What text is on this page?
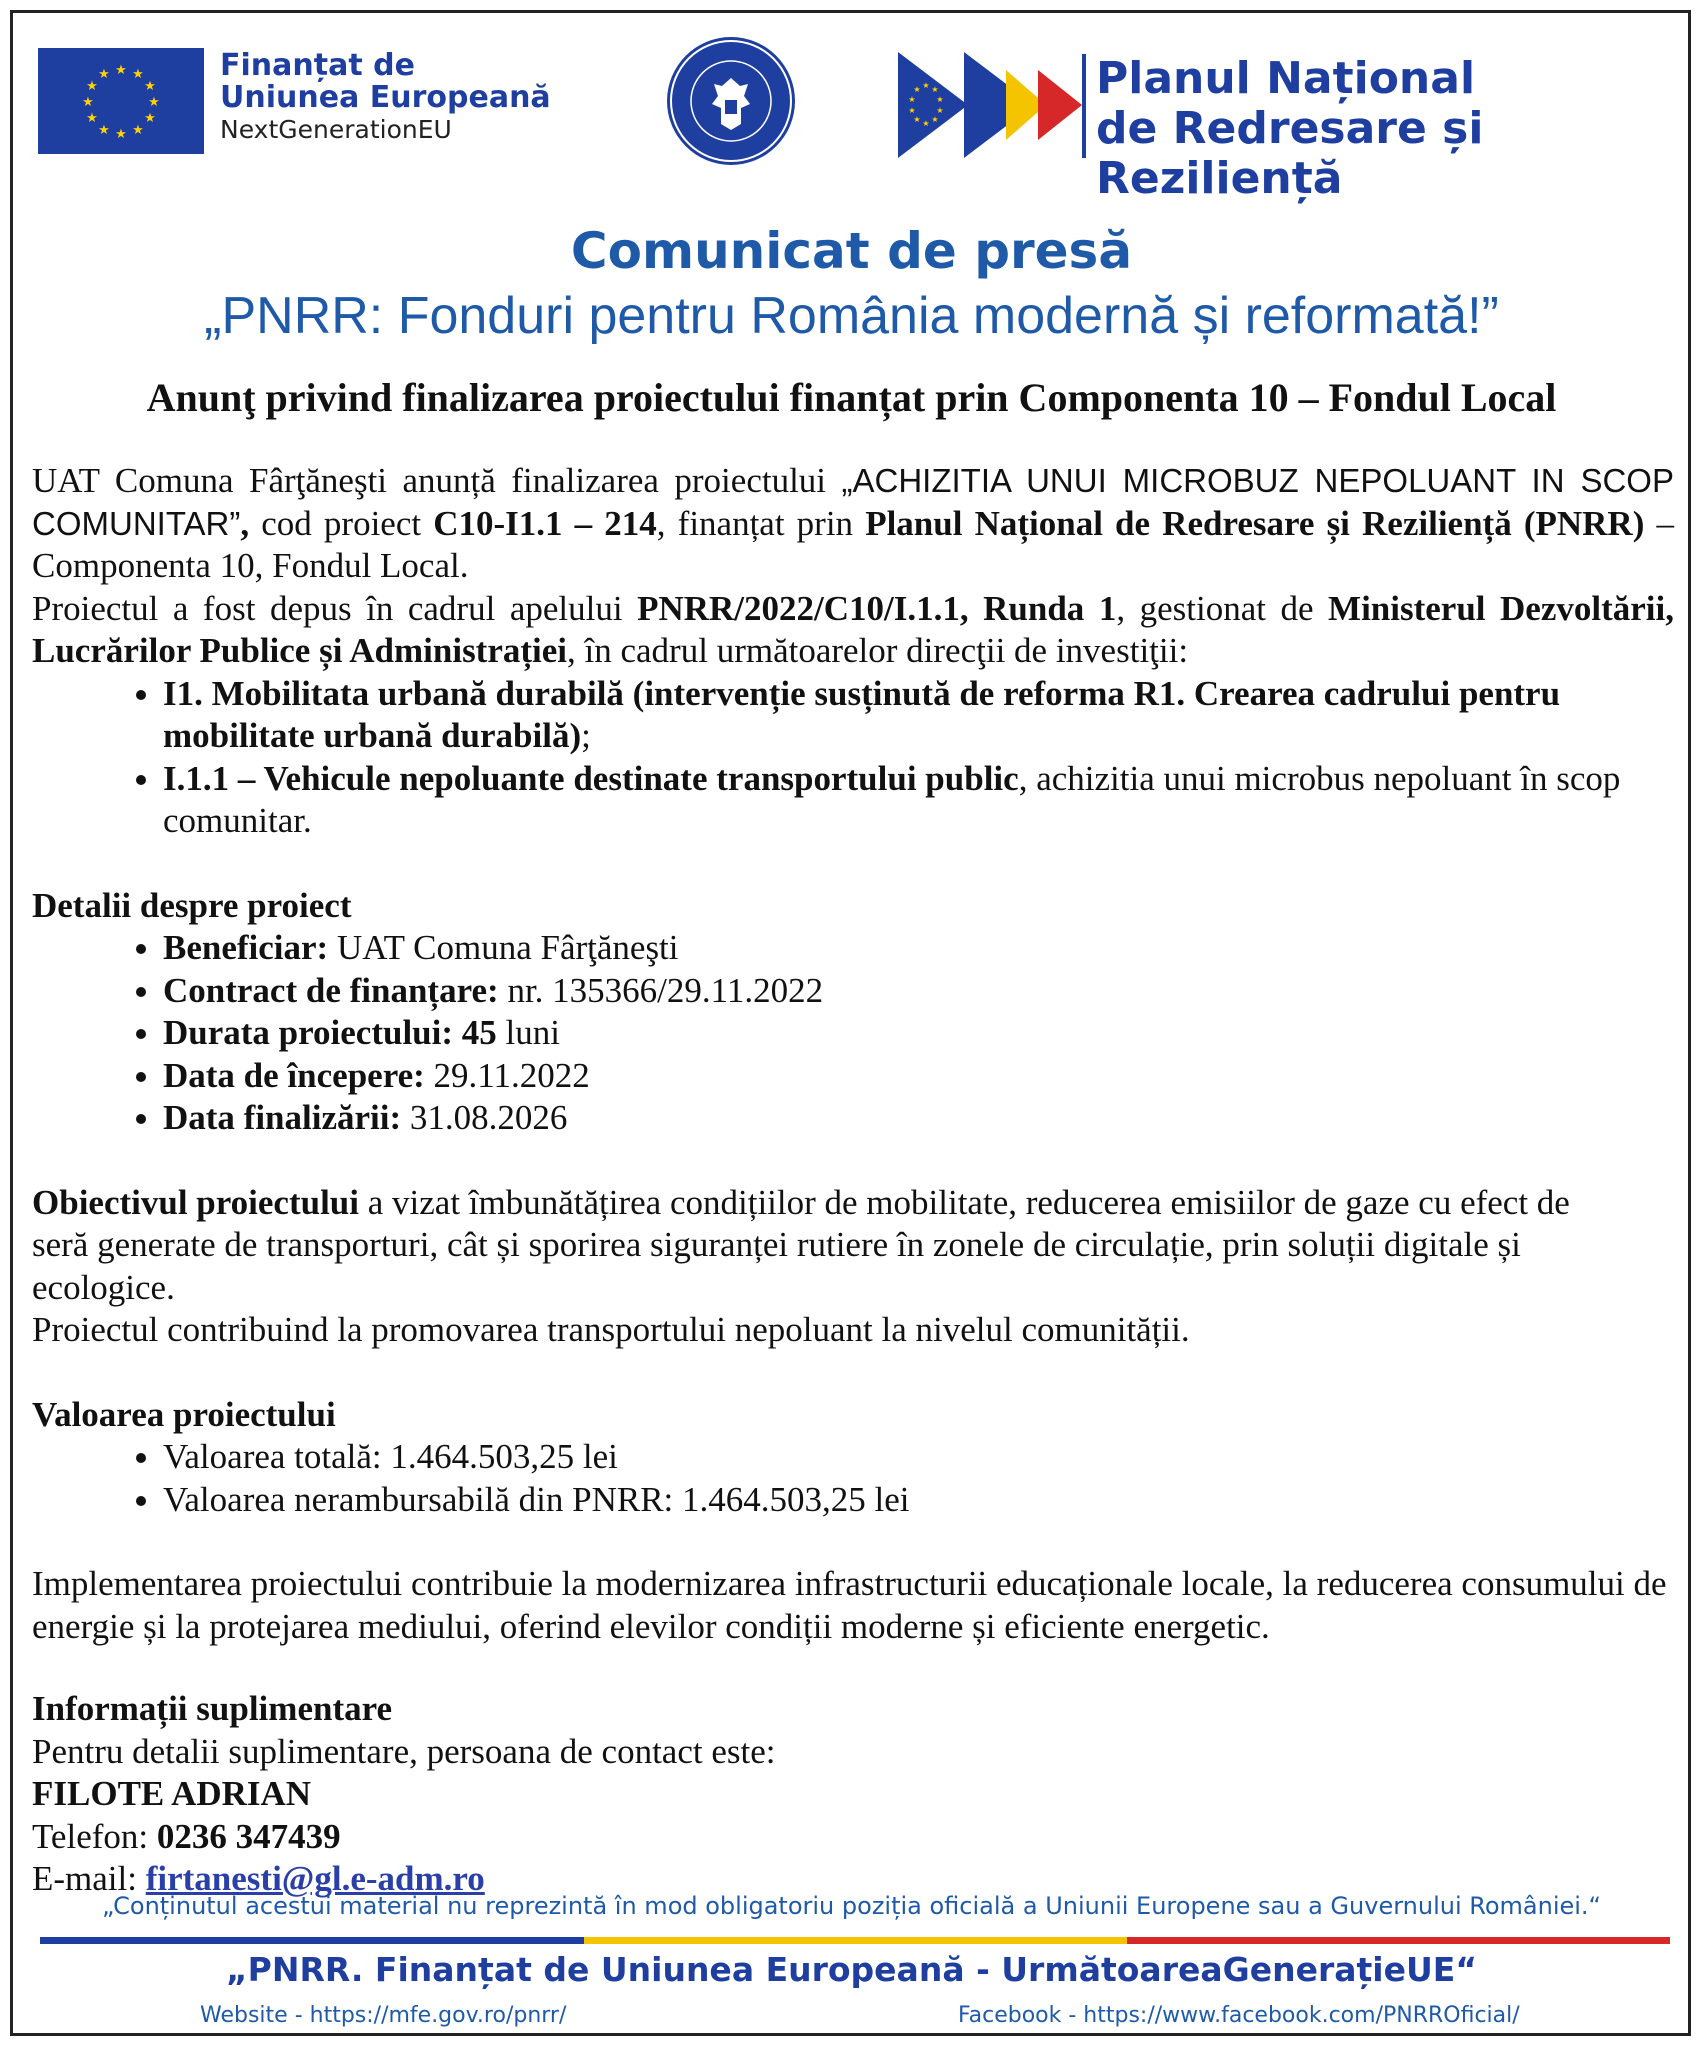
★ ★
★
★
★
★
★
★
★
★
★
★	Finanțat de
Uniunea Europeană
NextGenerationEU
★ ★
★
★
★
★
★
★
★
★	Planul Național
de Redresare și Reziliență
Comunicat de presă
„PNRR: Fonduri pentru România modernă și reformată!”
Anunţ privind finalizarea proiectului finanțat prin Componenta 10 – Fondul Local

UAT Comuna Fârţăneşti anunță finalizarea proiectului „ACHIZITIA UNUI MICROBUZ NEPOLUANT IN SCOP COMUNITAR”, cod proiect C10-I1.1 – 214, finanțat prin Planul Național de Redresare și Reziliență (PNRR) – Componenta 10, Fondul Local.

Proiectul a fost depus în cadrul apelului PNRR/2022/C10/I.1.1, Runda 1, gestionat de Ministerul Dezvoltării, Lucrărilor Publice și Administrației, în cadrul următoarelor direcţii de investiţii:

• I1. Mobilitata urbană durabilă (intervenție susținută de reforma R1. Crearea cadrului pentru mobilitate urbană durabilă);
• I.1.1 – Vehicule nepoluante destinate transportului public, achizitia unui microbus nepoluant în scop comunitar.

Detalii despre proiect

• Beneficiar: UAT Comuna Fârţăneşti
• Contract de finanțare: nr. 135366/29.11.2022
• Durata proiectului: 45 luni
• Data de începere: 29.11.2022
• Data finalizării: 31.08.2026

Obiectivul proiectului a vizat îmbunătățirea condițiilor de mobilitate, reducerea emisiilor de gaze cu efect de seră generate de transporturi, cât și sporirea siguranței rutiere în zonele de circulație, prin soluții digitale și ecologice.

Proiectul contribuind la promovarea transportului nepoluant la nivelul comunității.

Valoarea proiectului

• Valoarea totală: 1.464.503,25 lei
• Valoarea nerambursabilă din PNRR: 1.464.503,25 lei

Implementarea proiectului contribuie la modernizarea infrastructurii educaționale locale, la reducerea consumului de energie și la protejarea mediului, oferind elevilor condiții moderne și eficiente energetic.

Informații suplimentare

Pentru detalii suplimentare, persoana de contact este:

FILOTE ADRIAN

Telefon: 0236 347439

E-mail: firtanesti@gl.e-adm.ro

„Conținutul acestui material nu reprezintă în mod obligatoriu poziția oficială a Uniunii Europene sau a Guvernului României.“
„PNRR. Finanțat de Uniunea Europeană - UrmătoareaGenerațieUE“
Website - https://mfe.gov.ro/pnrr/	Facebook - https://www.facebook.com/PNRROficial/
